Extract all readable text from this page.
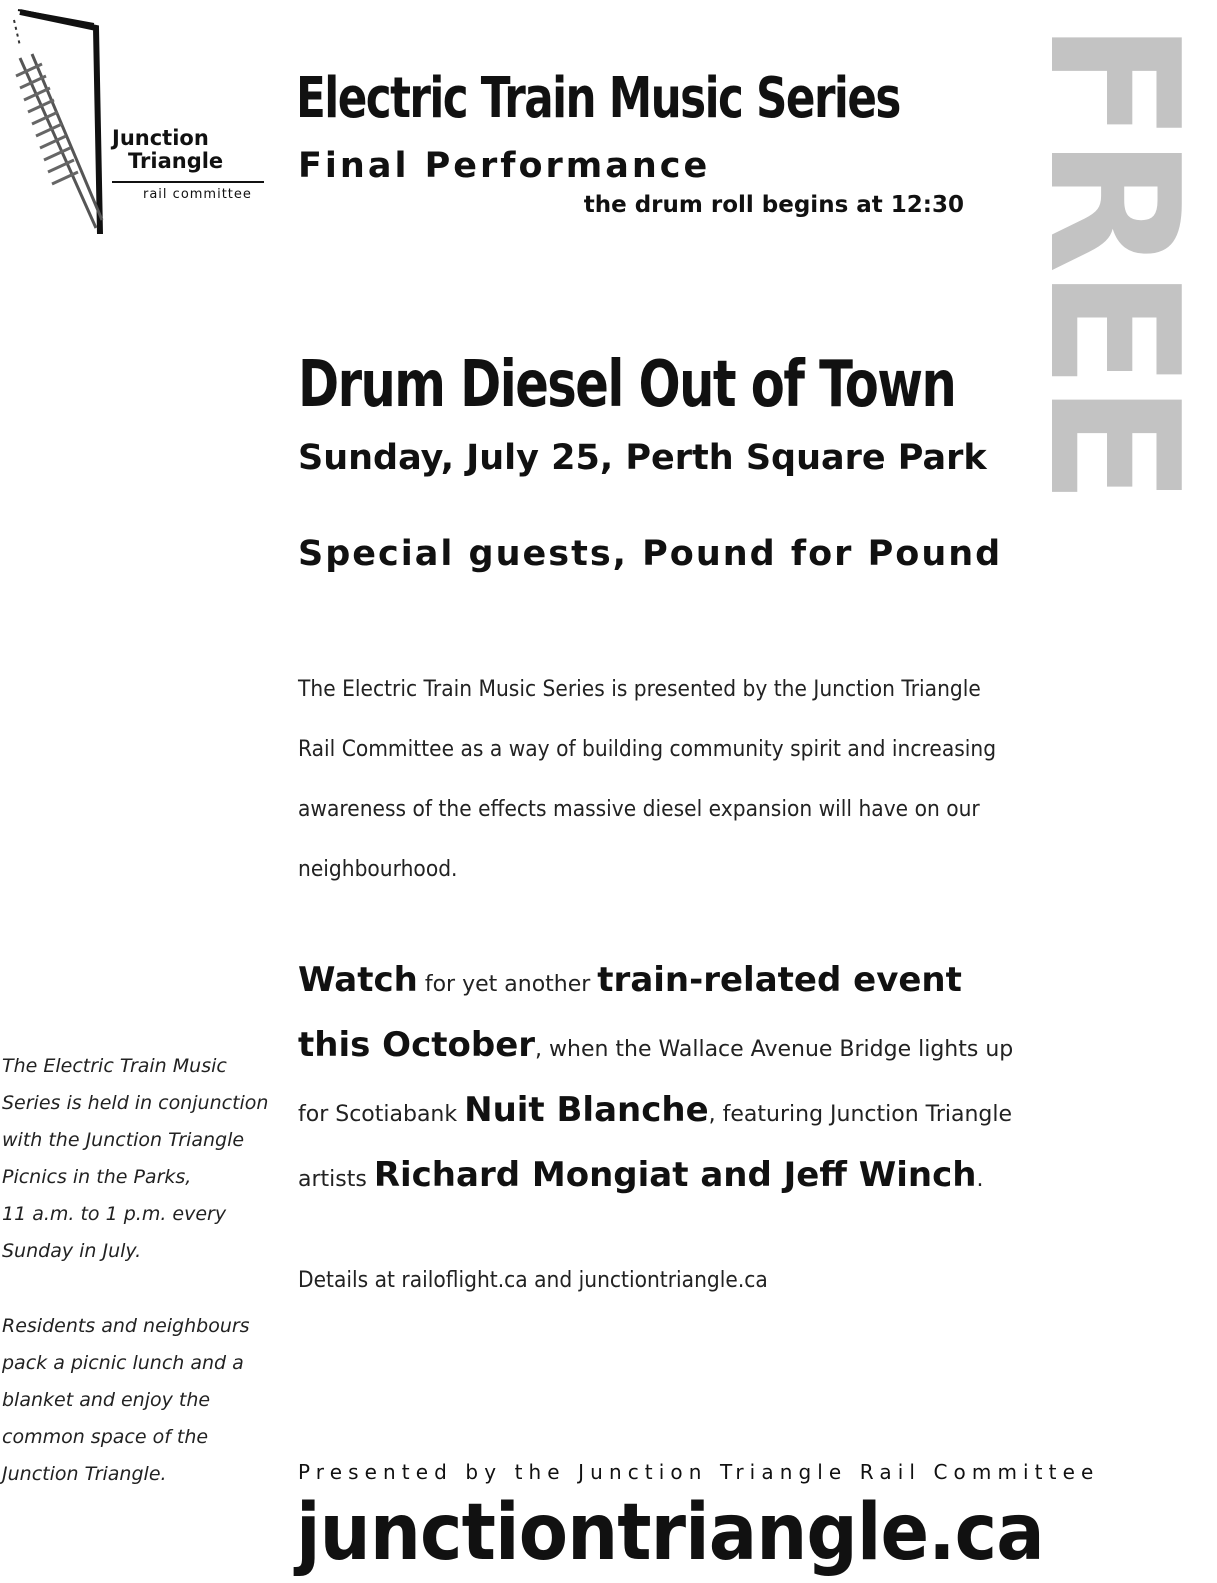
Junction
Triangle
rail committee	FREE
Electric Train Music Series
Final Performance
the drum roll begins at 12:30
Drum Diesel Out of Town
Sunday, July 25, Perth Square Park
Special guests, Pound for Pound

The Electric Train Music Series is presented by the Junction Triangle

Rail Committee as a way of building community spirit and increasing

awareness of the effects massive diesel expansion will have on our

neighbourhood.

Watch for yet another train-related event
this October, when the Wallace Avenue Bridge lights up
for Scotiabank Nuit Blanche, featuring Junction Triangle
artists Richard Mongiat and Jeff Winch.
Details at railoflight.ca and junctiontriangle.ca

The Electric Train Music
Series is held in conjunction
with the Junction Triangle
Picnics in the Parks,
11 a.m. to 1 p.m. every
Sunday in July.

Residents and neighbours
pack a picnic lunch and a
blanket and enjoy the
common space of the
Junction Triangle.	Presented by the Junction Triangle Rail Committee
junctiontriangle.ca
